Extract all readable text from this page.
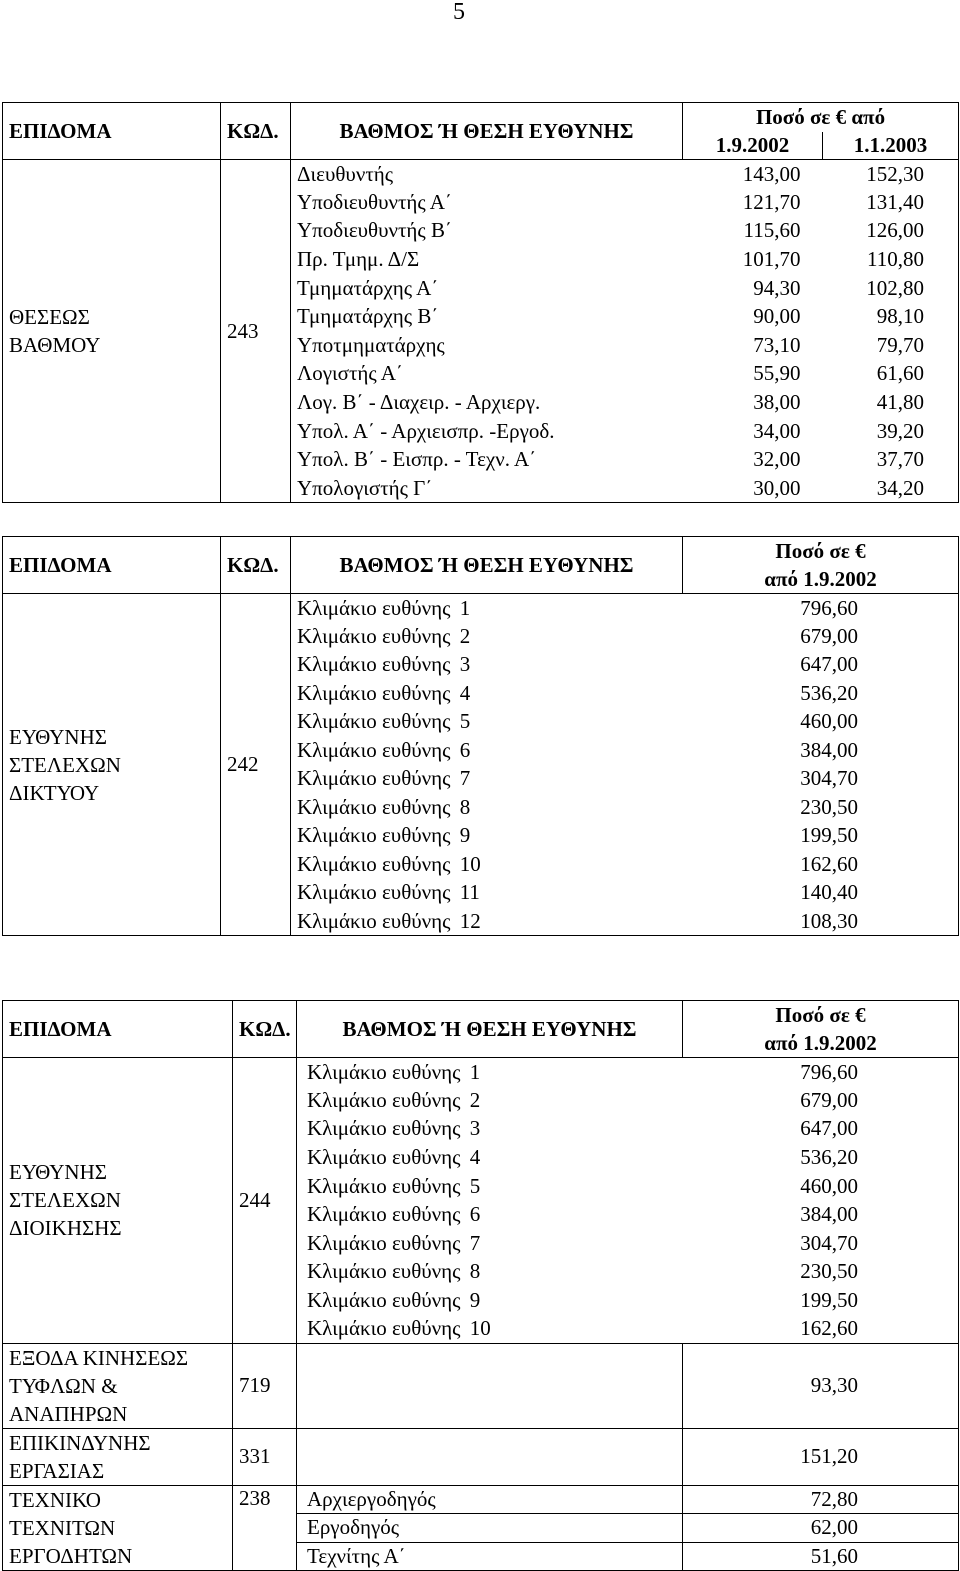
5
ΕΠΙΔΟΜΑ	ΚΩΔ.	ΒΑΘΜΟΣ Ή ΘΕΣΗ ΕΥΘΥΝΗΣ	Ποσό σε € από	
			1.9.2002	1.1.2003
ΘΕΣΕΩΣ ΒΑΘΜΟΥ	243	Διευθυντής	143,00	152,30
		Υποδιευθυντής Α΄	121,70	131,40
		Υποδιευθυντής Β΄	115,60	126,00
		Πρ. Τμημ. Δ/Σ	101,70	110,80
		Τμηματάρχης Α΄	94,30	102,80
		Τμηματάρχης Β΄	90,00	98,10
		Υποτμηματάρχης	73,10	79,70
		Λογιστής Α΄	55,90	61,60
		Λογ. Β΄ - Διαχειρ. - Αρχιεργ.	38,00	41,80
		Υπολ. Α΄ - Αρχιεισπρ. -Εργοδ.	34,00	39,20
		Υπολ. Β΄ - Εισπρ. - Τεχν. Α΄	32,00	37,70
		Υπολογιστής Γ΄	30,00	34,20
ΕΠΙΔΟΜΑ	ΚΩΔ.	ΒΑΘΜΟΣ Ή ΘΕΣΗ ΕΥΘΥΝΗΣ	Ποσό σε €
από 1.9.2002

ΕΥΘΥΝΗΣ ΣΤΕΛΕΧΩΝ ΔΙΚΤΥΟΥ	242	Κλιμάκιο ευθύνης 1	796,60
		Κλιμάκιο ευθύνης 2	679,00
		Κλιμάκιο ευθύνης 3	647,00
		Κλιμάκιο ευθύνης 4	536,20
		Κλιμάκιο ευθύνης 5	460,00
		Κλιμάκιο ευθύνης 6	384,00
		Κλιμάκιο ευθύνης 7	304,70
		Κλιμάκιο ευθύνης 8	230,50
		Κλιμάκιο ευθύνης 9	199,50
		Κλιμάκιο ευθύνης 10	162,60
		Κλιμάκιο ευθύνης 11	140,40
		Κλιμάκιο ευθύνης 12	108,30
ΕΠΙΔΟΜΑ	ΚΩΔ.	ΒΑΘΜΟΣ Ή ΘΕΣΗ ΕΥΘΥΝΗΣ	Ποσό σε €
από 1.9.2002

ΕΥΘΥΝΗΣ ΣΤΕΛΕΧΩΝ ΔΙΟΙΚΗΣΗΣ	244	Κλιμάκιο ευθύνης 1	796,60
		Κλιμάκιο ευθύνης 2	679,00
		Κλιμάκιο ευθύνης 3	647,00
		Κλιμάκιο ευθύνης 4	536,20
		Κλιμάκιο ευθύνης 5	460,00
		Κλιμάκιο ευθύνης 6	384,00
		Κλιμάκιο ευθύνης 7	304,70
		Κλιμάκιο ευθύνης 8	230,50
		Κλιμάκιο ευθύνης 9	199,50
		Κλιμάκιο ευθύνης 10	162,60
ΕΞΟΔΑ ΚΙΝΗΣΕΩΣ ΤΥΦΛΩΝ & ΑΝΑΠΗΡΩΝ	719		93,30
ΕΠΙΚΙΝΔΥΝΗΣ ΕΡΓΑΣΙΑΣ	331		151,20
ΤΕΧΝΙΚΟ ΤΕΧΝΙΤΩΝ ΕΡΓΟΔΗΤΩΝ	238	Αρχιεργοδηγός	72,80
		Εργοδηγός	62,00
		Τεχνίτης Α΄	51,60
